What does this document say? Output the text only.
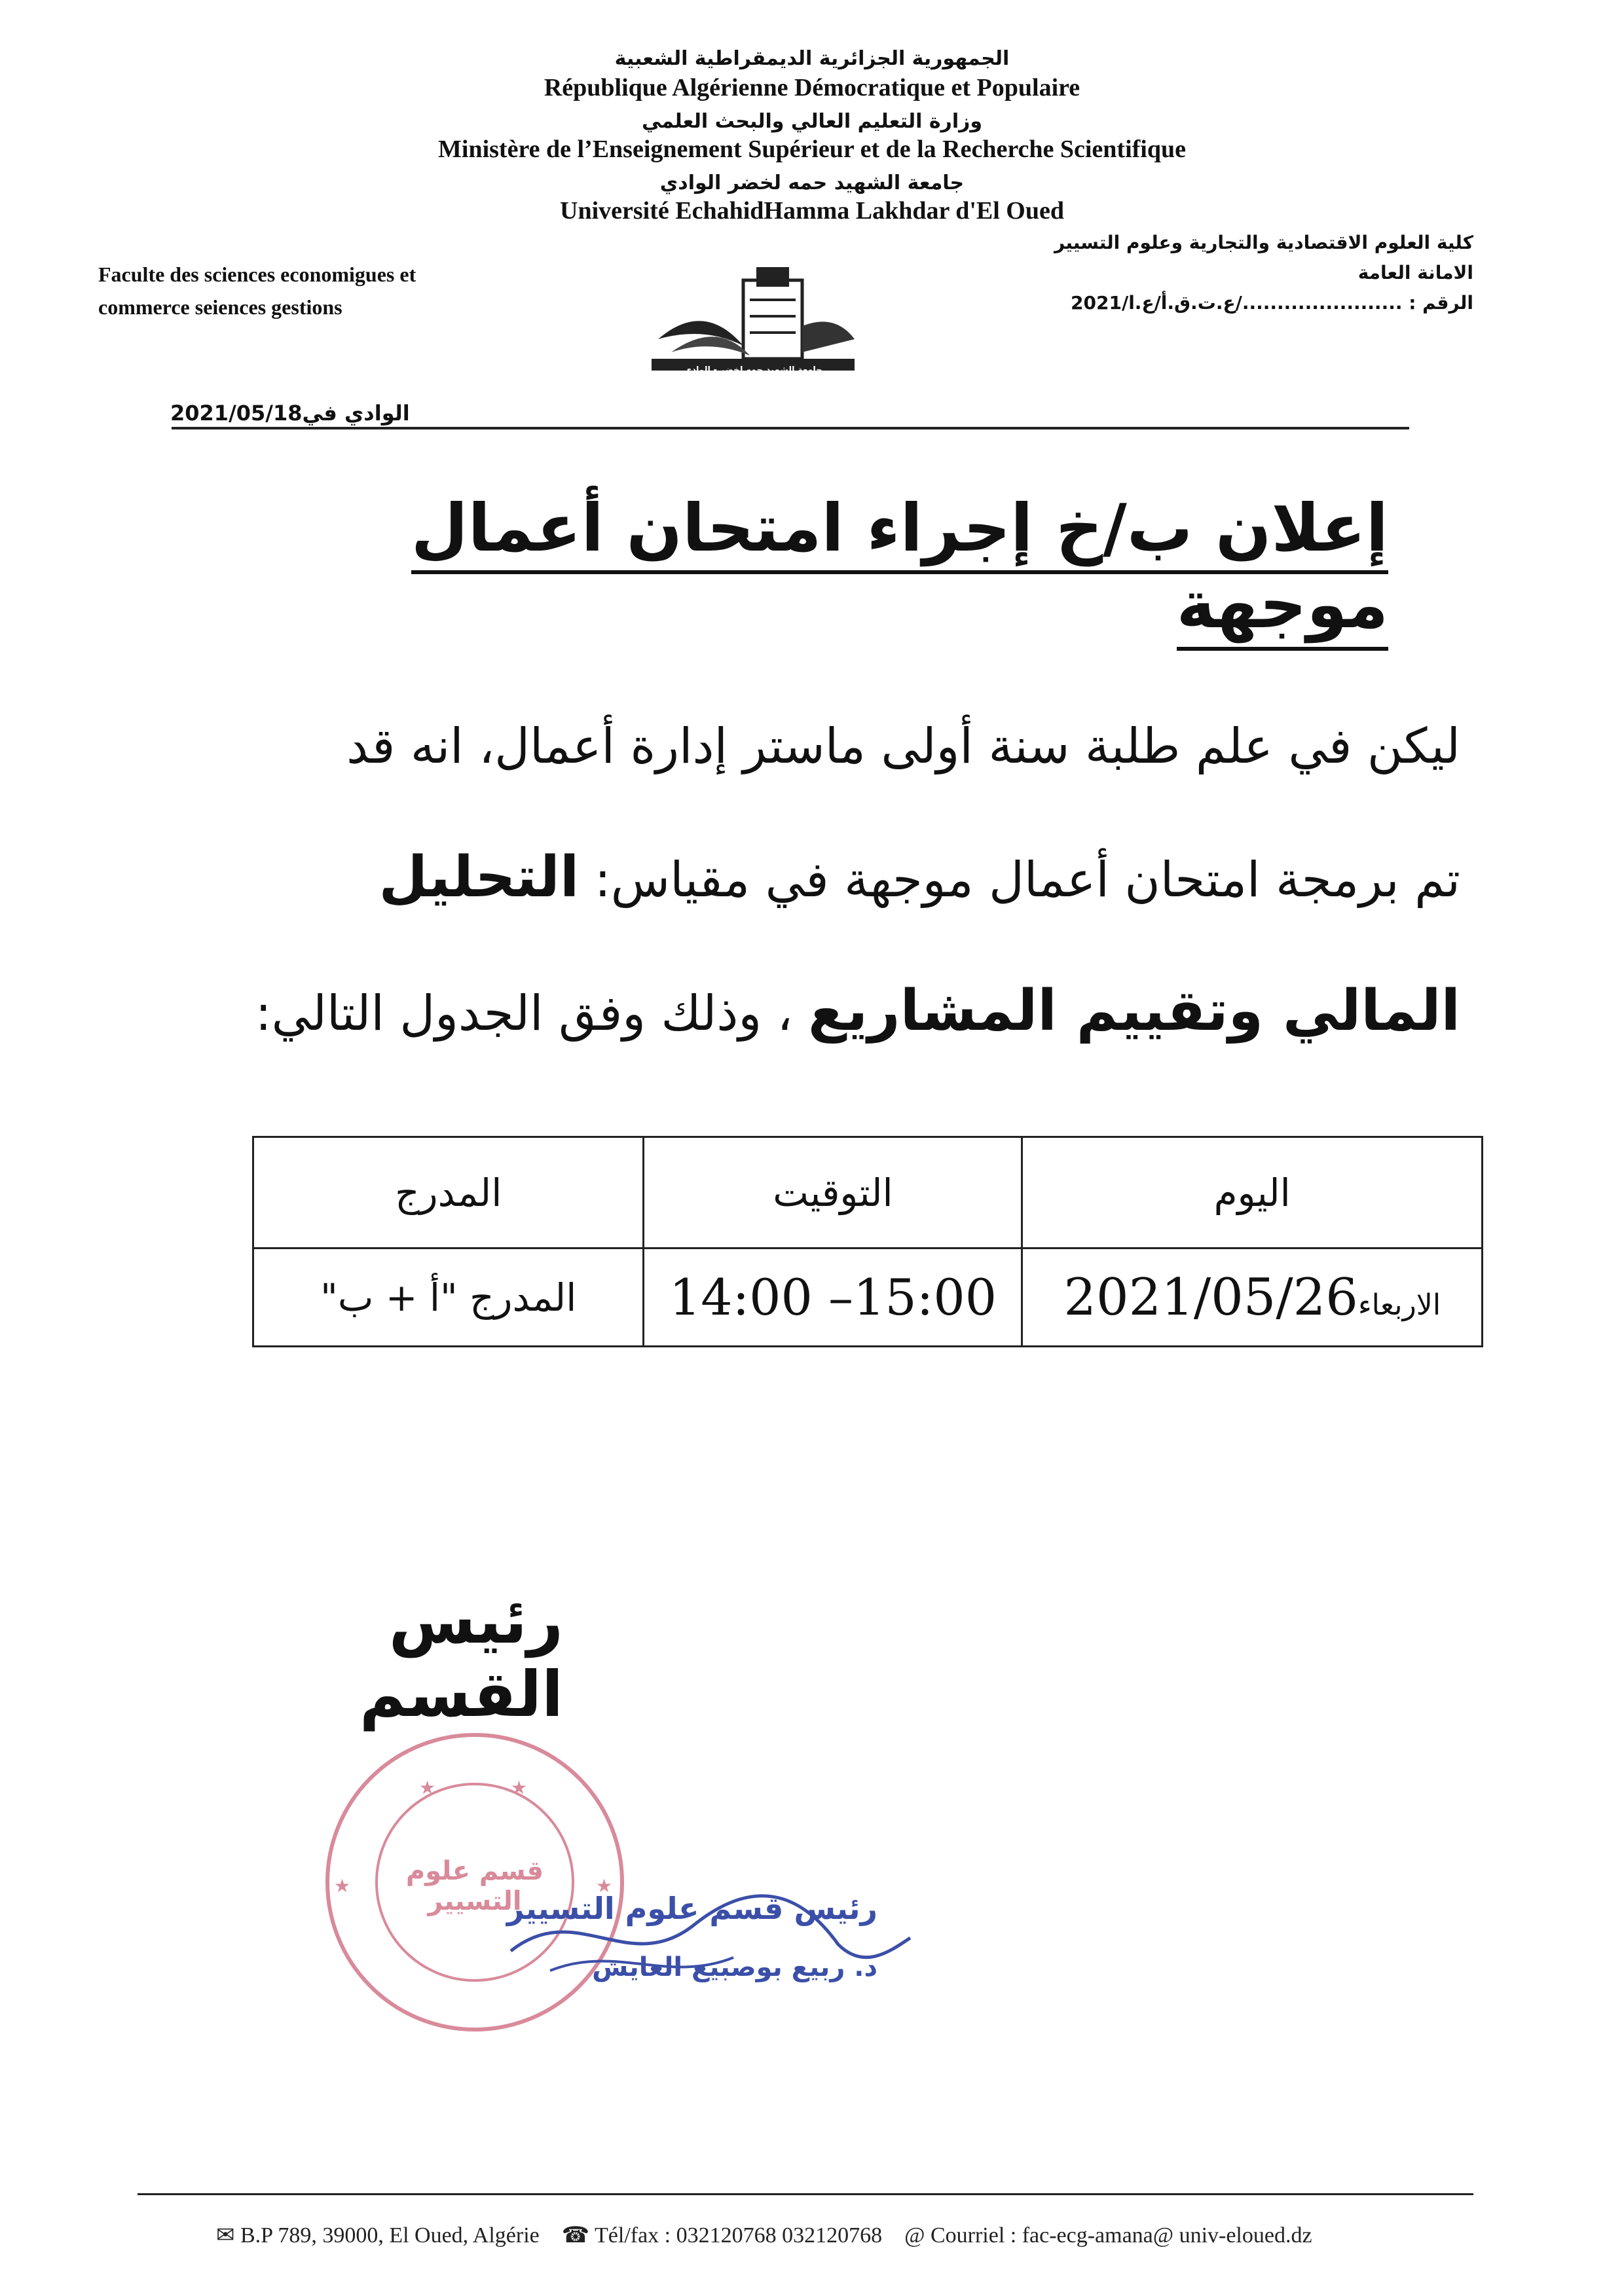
الجمهورية الجزائرية الديمقراطية الشعبية
République Algérienne Démocratique et Populaire
وزارة التعليم العالي والبحث العلمي
Ministère de l’Enseignement Supérieur et de la Recherche Scientifique
جامعة الشهيد حمه لخضر الوادي
Université EchahidHamma Lakhdar d'El Oued
Faculte des sciences economigues et
commerce seiences gestions
كلية العلوم الاقتصادية والتجارية وعلوم التسيير
الامانة العامة
الرقم : 2021/ع.ت.ق.أ/ع.ا/.......................
جامعة الشهيد حمه لخضر - الوادي
الوادي في2021/05/18
إعلان ب/خ إجراء امتحان أعمال موجهة
ليكن في علم طلبة سنة أولى ماستر إدارة أعمال، انه قد
تم برمجة امتحان أعمال موجهة في مقياس: التحليل
المالي وتقييم المشاريع ، وذلك وفق الجدول التالي:
اليوم	التوقيت	المدرج
الاربعاء2021/05/26	14:00 –15:00	المدرج "أ + ب"
رئيس القسم
★	★
★	★
قسم علوم التسيير
رئيس قسم علوم التسيير
د. ربيع بوصبيع العايش
✉ B.P 789, 39000, El Oued, Algérie ☎ Tél/fax : 032120768 032120768 @ Courriel : fac-ecg-amana@ univ-eloued.dz
